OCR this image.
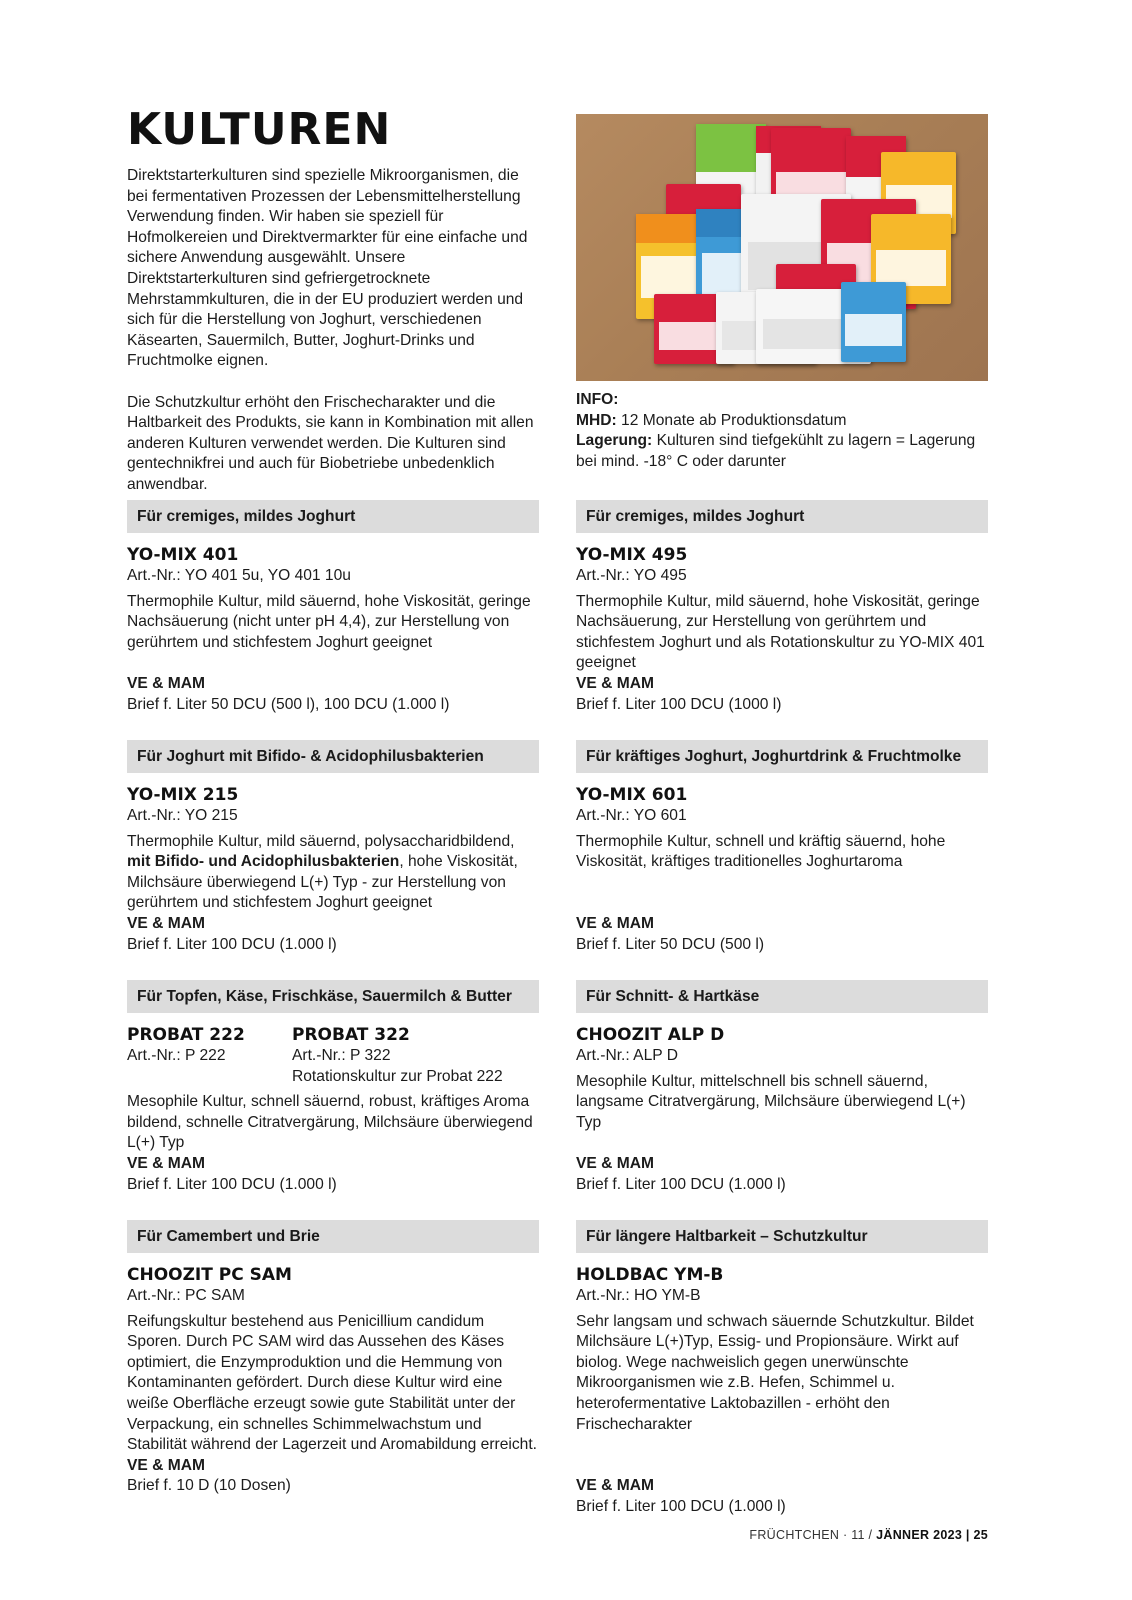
KULTUREN

Direktstarterkulturen sind spezielle Mikroorganismen, die bei fermentativen Prozessen der Lebensmittelherstellung Verwendung finden. Wir haben sie speziell für Hofmolkereien und Direktvermarkter für eine einfache und sichere Anwendung ausgewählt. Unsere Direktstarterkulturen sind gefriergetrocknete Mehrstammkulturen, die in der EU produziert werden und sich für die Herstellung von Joghurt, verschiedenen Käsearten, Sauermilch, Butter, Joghurt-Drinks und Fruchtmolke eignen.

Die Schutzkultur erhöht den Frischecharakter und die Haltbarkeit des Produkts, sie kann in Kombination mit allen anderen Kulturen verwendet werden. Die Kulturen sind gentechnikfrei und auch für Biobetriebe unbedenklich anwendbar.

INFO:
MHD: 12 Monate ab Produktionsdatum
Lagerung: Kulturen sind tiefgekühlt zu lagern = Lagerung bei mind. -18° C oder darunter
Für cremiges, mildes Joghurt
YO-MIX 401
Art.-Nr.: YO 401 5u, YO 401 10u
Thermophile Kultur, mild säuernd, hohe Viskosität, geringe Nachsäuerung (nicht unter pH 4,4), zur Herstellung von gerührtem und stichfestem Joghurt geeignet
VE & MAM
Brief f. Liter 50 DCU (500 l), 100 DCU (1.000 l)
Für cremiges, mildes Joghurt
YO-MIX 495
Art.-Nr.: YO 495
Thermophile Kultur, mild säuernd, hohe Viskosität, geringe Nachsäuerung, zur Herstellung von gerührtem und stichfestem Joghurt und als Rotationskultur zu YO-MIX 401 geeignet
VE & MAM
Brief f. Liter 100 DCU (1000 l)
Für Joghurt mit Bifido- & Acidophilusbakterien
YO-MIX 215
Art.-Nr.: YO 215
Thermophile Kultur, mild säuernd, polysaccharidbildend, mit Bifido- und Acidophilusbakterien, hohe Viskosität, Milchsäure überwiegend L(+) Typ - zur Herstellung von gerührtem und stichfestem Joghurt geeignet
VE & MAM
Brief f. Liter 100 DCU (1.000 l)
Für kräftiges Joghurt, Joghurtdrink & Fruchtmolke
YO-MIX 601
Art.-Nr.: YO 601
Thermophile Kultur, schnell und kräftig säuernd, hohe Viskosität, kräftiges traditionelles Joghurtaroma
VE & MAM
Brief f. Liter 50 DCU (500 l)
Für Topfen, Käse, Frischkäse, Sauermilch & Butter
PROBAT 222
Art.-Nr.: P 222
PROBAT 322
Art.-Nr.: P 322
Rotationskultur zur Probat 222
Mesophile Kultur, schnell säuernd, robust, kräftiges Aroma bildend, schnelle Citratvergärung, Milchsäure überwiegend L(+) Typ
VE & MAM
Brief f. Liter 100 DCU (1.000 l)
Für Schnitt- & Hartkäse
CHOOZIT ALP D
Art.-Nr.: ALP D
Mesophile Kultur, mittelschnell bis schnell säuernd, langsame Citratvergärung, Milchsäure überwiegend L(+) Typ
VE & MAM
Brief f. Liter 100 DCU (1.000 l)
Für Camembert und Brie
CHOOZIT PC SAM
Art.-Nr.: PC SAM
Reifungskultur bestehend aus Penicillium candidum Sporen. Durch PC SAM wird das Aussehen des Käses optimiert, die Enzymproduktion und die Hemmung von Kontaminanten gefördert. Durch diese Kultur wird eine weiße Oberfläche erzeugt sowie gute Stabilität unter der Verpackung, ein schnelles Schimmelwachstum und Stabilität während der Lagerzeit und Aromabildung erreicht.
VE & MAM
Brief f. 10 D (10 Dosen)
Für längere Haltbarkeit – Schutzkultur
HOLDBAC YM-B
Art.-Nr.: HO YM-B
Sehr langsam und schwach säuernde Schutzkultur. Bildet Milchsäure L(+)Typ, Essig- und Propionsäure. Wirkt auf biolog. Wege nachweislich gegen unerwünschte Mikroorganismen wie z.B. Hefen, Schimmel u. heterofermentative Laktobazillen - erhöht den Frischecharakter
VE & MAM
Brief f. Liter 100 DCU (1.000 l)
FRÜCHTCHEN · 11 / JÄNNER 2023 | 25
